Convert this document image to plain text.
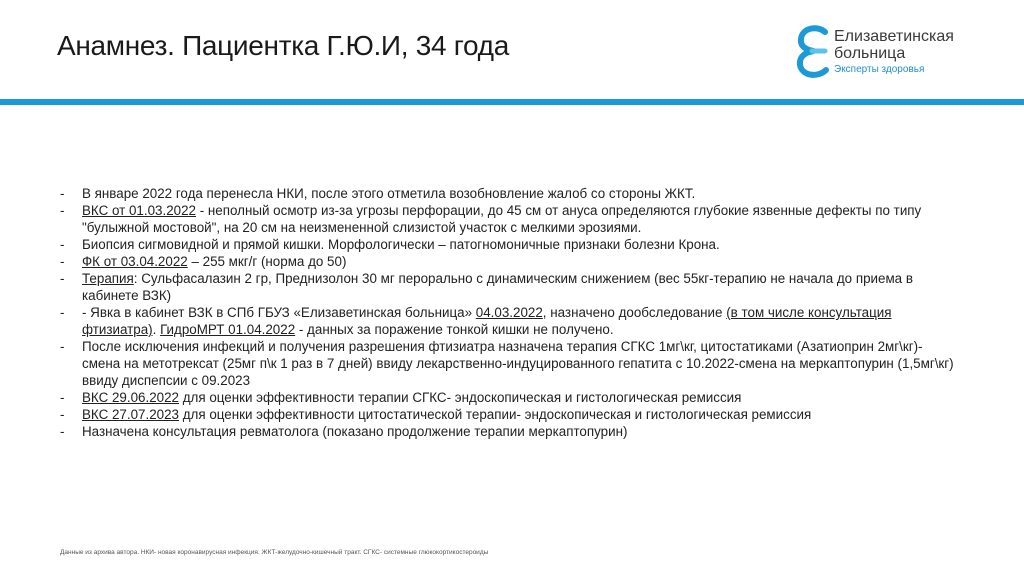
Анамнез. Пациентка Г.Ю.И, 34 года	Елизаветинская
больница
Эксперты здоровья
- В январе 2022 года перенесла НКИ, после этого отметила возобновление жалоб со стороны ЖКТ.
- ВКС от 01.03.2022 - неполный осмотр из-за угрозы перфорации, до 45 см от ануса определяются глубокие язвенные дефекты по типу "булыжной мостовой", на 20 см на неизмененной слизистой участок с мелкими эрозиями.
- Биопсия сигмовидной и прямой кишки. Морфологически – патогномоничные признаки болезни Крона.
- ФК от 03.04.2022 – 255 мкг/г (норма до 50)
- Терапия: Сульфасалазин 2 гр, Преднизолон 30 мг перорально с динамическим снижением (вес 55кг-терапию не начала до приема в кабинете ВЗК)
- - Явка в кабинет ВЗК в СПб ГБУЗ «Елизаветинская больница» 04.03.2022, назначено дообследование (в том числе консультация фтизиатра). ГидроМРТ 01.04.2022 - данных за поражение тонкой кишки не получено.
- После исключения инфекций и получения разрешения фтизиатра назначена терапия СГКС 1мг\кг, цитостатиками (Азатиоприн 2мг\кг)-смена на метотрексат (25мг п\к 1 раз в 7 дней) ввиду лекарственно-индуцированного гепатита с 10.2022-смена на меркаптопурин (1,5мг\кг) ввиду диспепсии с 09.2023
- ВКС 29.06.2022 для оценки эффективности терапии СГКС- эндоскопическая и гистологическая ремиссия
- ВКС 27.07.2023 для оценки эффективности цитостатической терапии- эндоскопическая и гистологическая ремиссия
- Назначена консультация ревматолога (показано продолжение терапии меркаптопурин)
Данные из архива автора. НКИ- новая коронавирусная инфекция. ЖКТ-желудочно-кишечный тракт. СГКС- системные глюкокортикостероиды
